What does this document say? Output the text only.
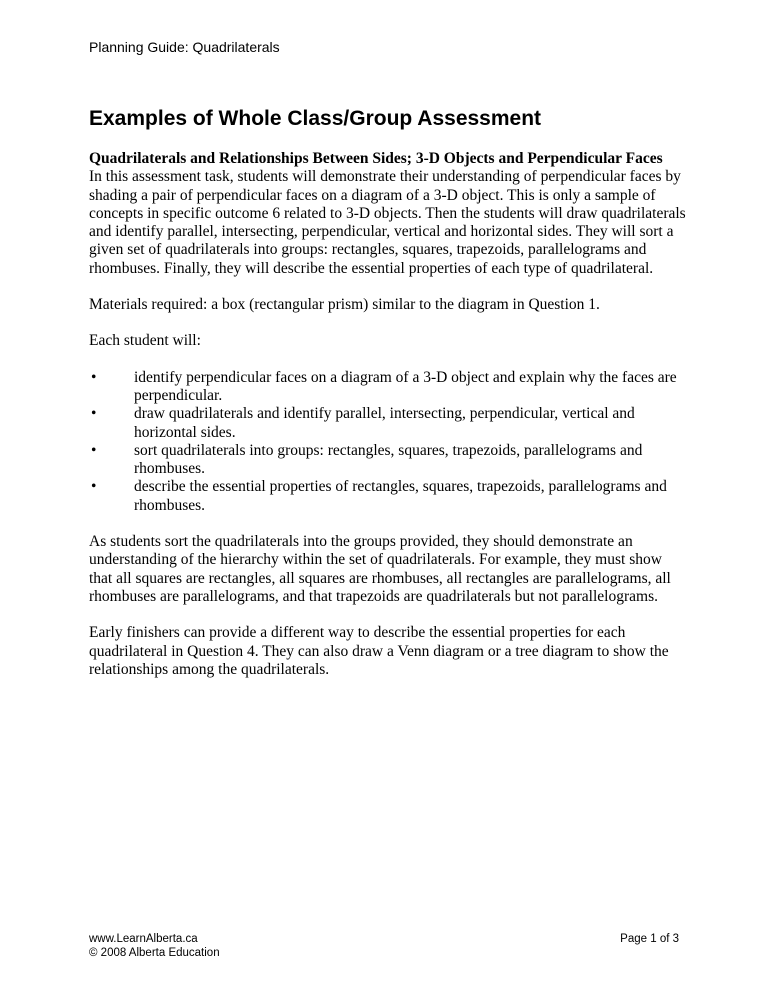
Planning Guide: Quadrilaterals
Examples of Whole Class/Group Assessment

Quadrilaterals and Relationships Between Sides; 3-D Objects and Perpendicular Faces
In this assessment task, students will demonstrate their understanding of perpendicular faces by shading a pair of perpendicular faces on a diagram of a 3-D object. This is only a sample of concepts in specific outcome 6 related to 3-D objects. Then the students will draw quadrilaterals and identify parallel, intersecting, perpendicular, vertical and horizontal sides. They will sort a given set of quadrilaterals into groups: rectangles, squares, trapezoids, parallelograms and rhombuses. Finally, they will describe the essential properties of each type of quadrilateral.

Materials required: a box (rectangular prism) similar to the diagram in Question 1.

Each student will:

• identify perpendicular faces on a diagram of a 3-D object and explain why the faces are perpendicular.
• draw quadrilaterals and identify parallel, intersecting, perpendicular, vertical and horizontal sides.
• sort quadrilaterals into groups: rectangles, squares, trapezoids, parallelograms and rhombuses.
• describe the essential properties of rectangles, squares, trapezoids, parallelograms and rhombuses.

As students sort the quadrilaterals into the groups provided, they should demonstrate an understanding of the hierarchy within the set of quadrilaterals. For example, they must show that all squares are rectangles, all squares are rhombuses, all rectangles are parallelograms, all rhombuses are parallelograms, and that trapezoids are quadrilaterals but not parallelograms.

Early finishers can provide a different way to describe the essential properties for each quadrilateral in Question 4. They can also draw a Venn diagram or a tree diagram to show the relationships among the quadrilaterals.

www.LearnAlberta.ca
© 2008 Alberta Education
Page 1 of 3
